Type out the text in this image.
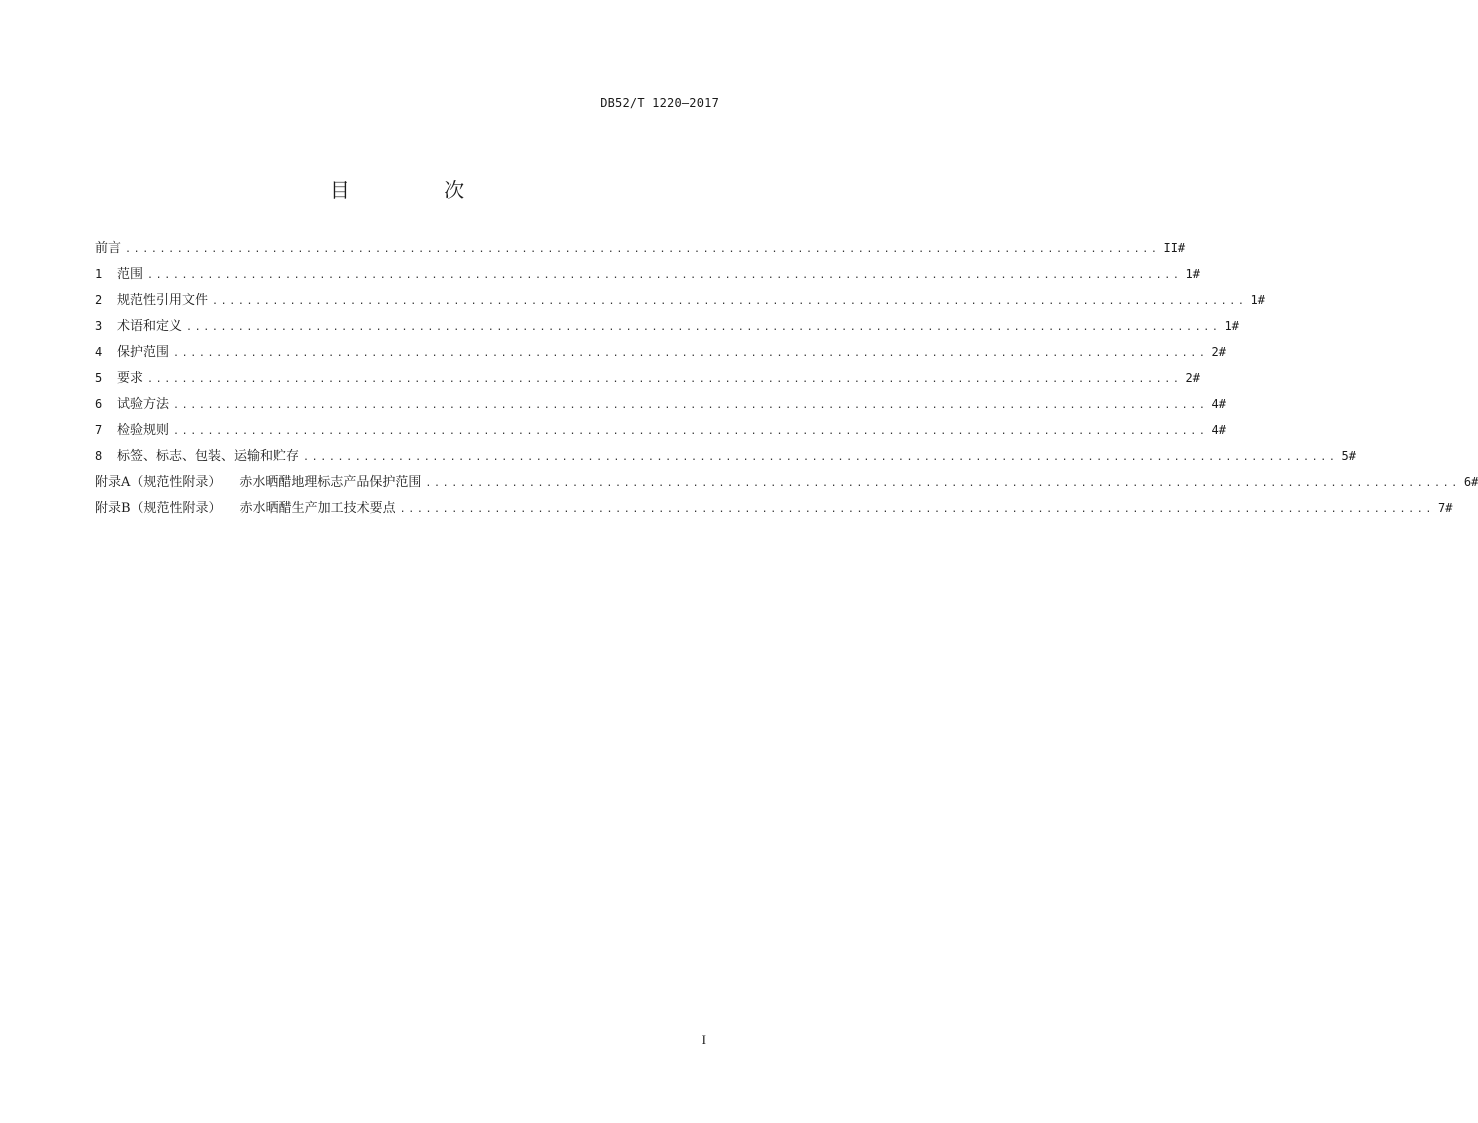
DB52/T 1220—2017
目 次
前言 ........................................................................................................................ II#
1	范围 ........................................................................................................................ 1#
2	规范性引用文件 ........................................................................................................................ 1#
3	术语和定义 ........................................................................................................................ 1#
4	保护范围 ........................................................................................................................ 2#
5	要求 ........................................................................................................................ 2#
6	试验方法 ........................................................................................................................ 4#
7	检验规则 ........................................................................................................................ 4#
8	标签、标志、包装、运输和贮存 ........................................................................................................................ 5#
附录A（规范性附录） 赤水晒醋地理标志产品保护范围 ........................................................................................................................ 6#
附录B（规范性附录） 赤水晒醋生产加工技术要点 ........................................................................................................................ 7#
I
